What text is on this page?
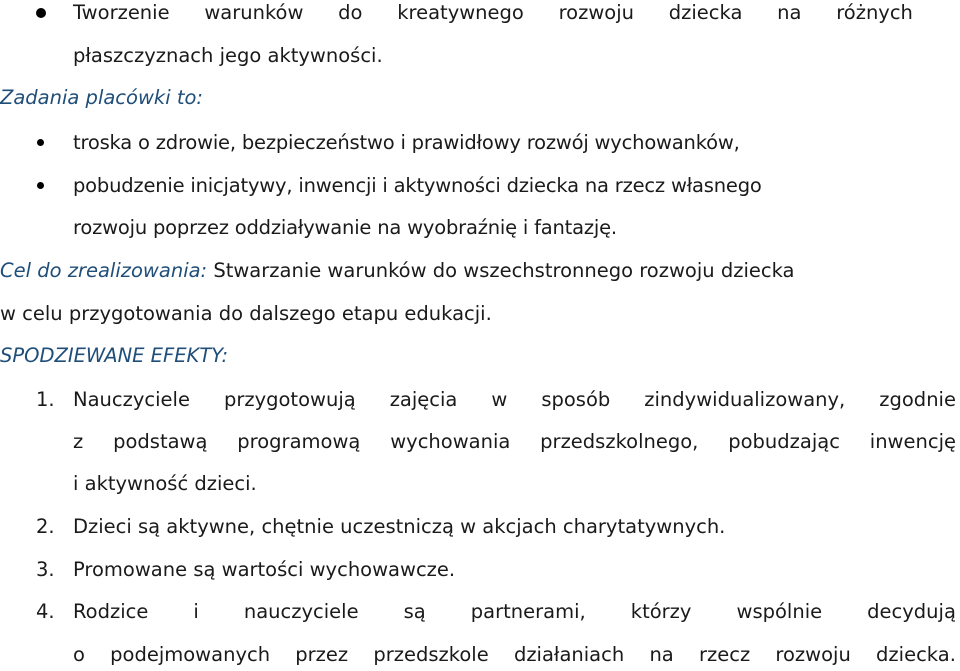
Tworzenie warunków do kreatywnego rozwoju dziecka na różnych
płaszczyznach jego aktywności.
Zadania placówki to:
troska o zdrowie, bezpieczeństwo i prawidłowy rozwój wychowanków,
pobudzenie inicjatywy, inwencji i aktywności dziecka na rzecz własnego
rozwoju poprzez oddziaływanie na wyobraźnię i fantazję.
Cel do zrealizowania: Stwarzanie warunków do wszechstronnego rozwoju dziecka
w celu przygotowania do dalszego etapu edukacji.
SPODZIEWANE EFEKTY:
1. Nauczyciele przygotowują zajęcia w sposób zindywidualizowany, zgodnie
z podstawą programową wychowania przedszkolnego, pobudzając inwencję
i aktywność dzieci.
2. Dzieci są aktywne, chętnie uczestniczą w akcjach charytatywnych.
3. Promowane są wartości wychowawcze.
4. Rodzice i nauczyciele są partnerami, którzy wspólnie decydują
o podejmowanych przez przedszkole działaniach na rzecz rozwoju dziecka.
